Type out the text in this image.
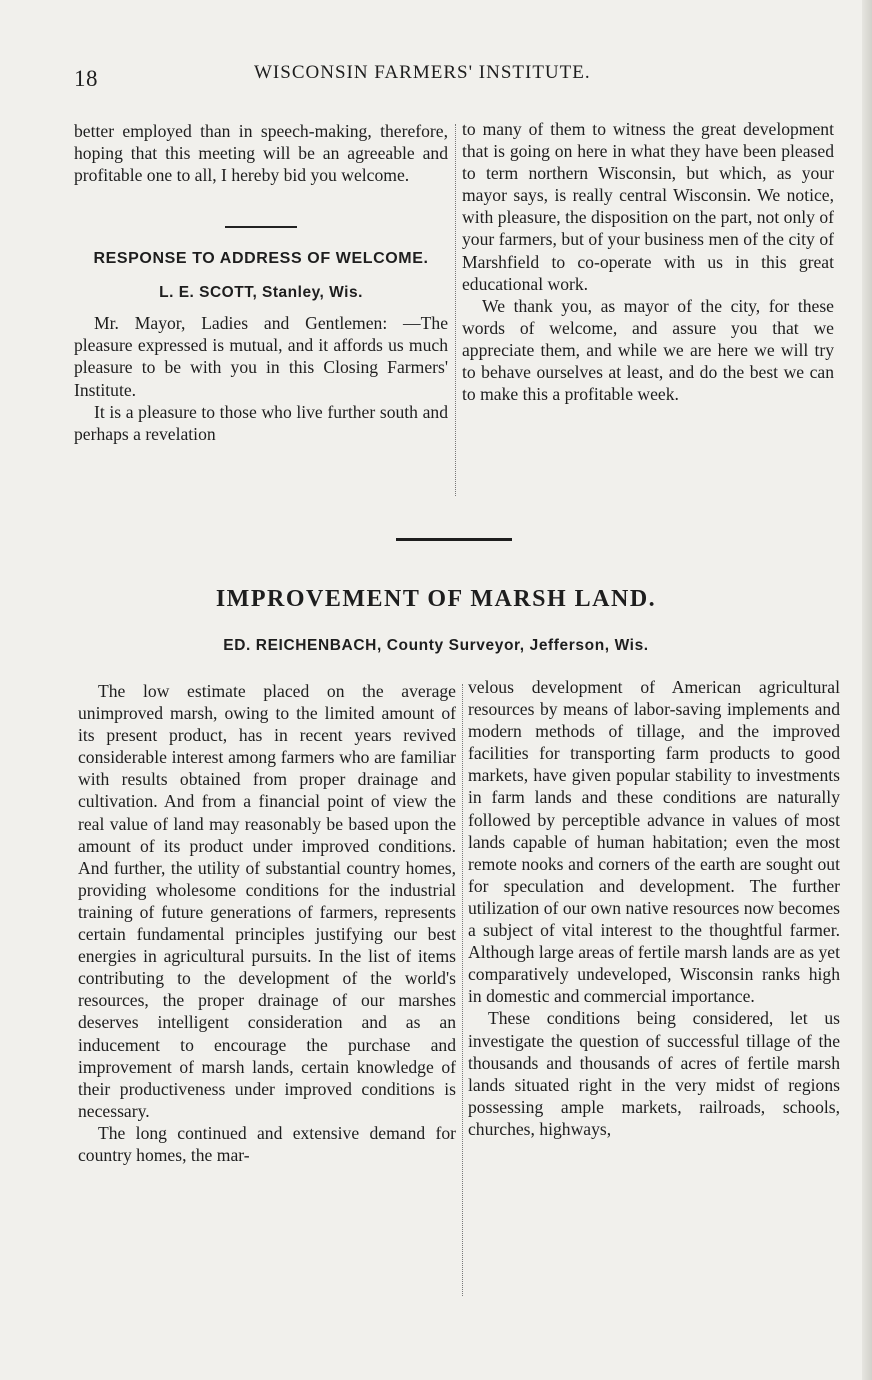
18	WISCONSIN FARMERS' INSTITUTE.

better employed than in speech-making, therefore, hoping that this meeting will be an agreeable and profitable one to all, I hereby bid you welcome.

RESPONSE TO ADDRESS OF WELCOME.

L. E. SCOTT, Stanley, Wis.

Mr. Mayor, Ladies and Gentlemen: —The pleasure expressed is mutual, and it affords us much pleasure to be with you in this Closing Farmers' Institute.

It is a pleasure to those who live further south and perhaps a revelation

to many of them to witness the great development that is going on here in what they have been pleased to term northern Wisconsin, but which, as your mayor says, is really central Wisconsin. We notice, with pleasure, the disposition on the part, not only of your farmers, but of your business men of the city of Marshfield to co-operate with us in this great educational work.

We thank you, as mayor of the city, for these words of welcome, and assure you that we appreciate them, and while we are here we will try to behave ourselves at least, and do the best we can to make this a profitable week.

IMPROVEMENT OF MARSH LAND.
ED. REICHENBACH, County Surveyor, Jefferson, Wis.

The low estimate placed on the average unimproved marsh, owing to the limited amount of its present product, has in recent years revived considerable interest among farmers who are familiar with results obtained from proper drainage and cultivation. And from a financial point of view the real value of land may reasonably be based upon the amount of its product under improved conditions. And further, the utility of substantial country homes, providing wholesome conditions for the industrial training of future generations of farmers, represents certain fundamental principles justifying our best energies in agricultural pursuits. In the list of items contributing to the development of the world's resources, the proper drainage of our marshes deserves intelligent consideration and as an inducement to encourage the purchase and improvement of marsh lands, certain knowledge of their productiveness under improved conditions is necessary.

The long continued and extensive demand for country homes, the mar-

velous development of American agricultural resources by means of labor-saving implements and modern methods of tillage, and the improved facilities for transporting farm products to good markets, have given popular stability to investments in farm lands and these conditions are naturally followed by perceptible advance in values of most lands capable of human habitation; even the most remote nooks and corners of the earth are sought out for speculation and development. The further utilization of our own native resources now becomes a subject of vital interest to the thoughtful farmer. Although large areas of fertile marsh lands are as yet comparatively undeveloped, Wisconsin ranks high in domestic and commercial importance.

These conditions being considered, let us investigate the question of successful tillage of the thousands and thousands of acres of fertile marsh lands situated right in the very midst of regions possessing ample markets, railroads, schools, churches, highways,
